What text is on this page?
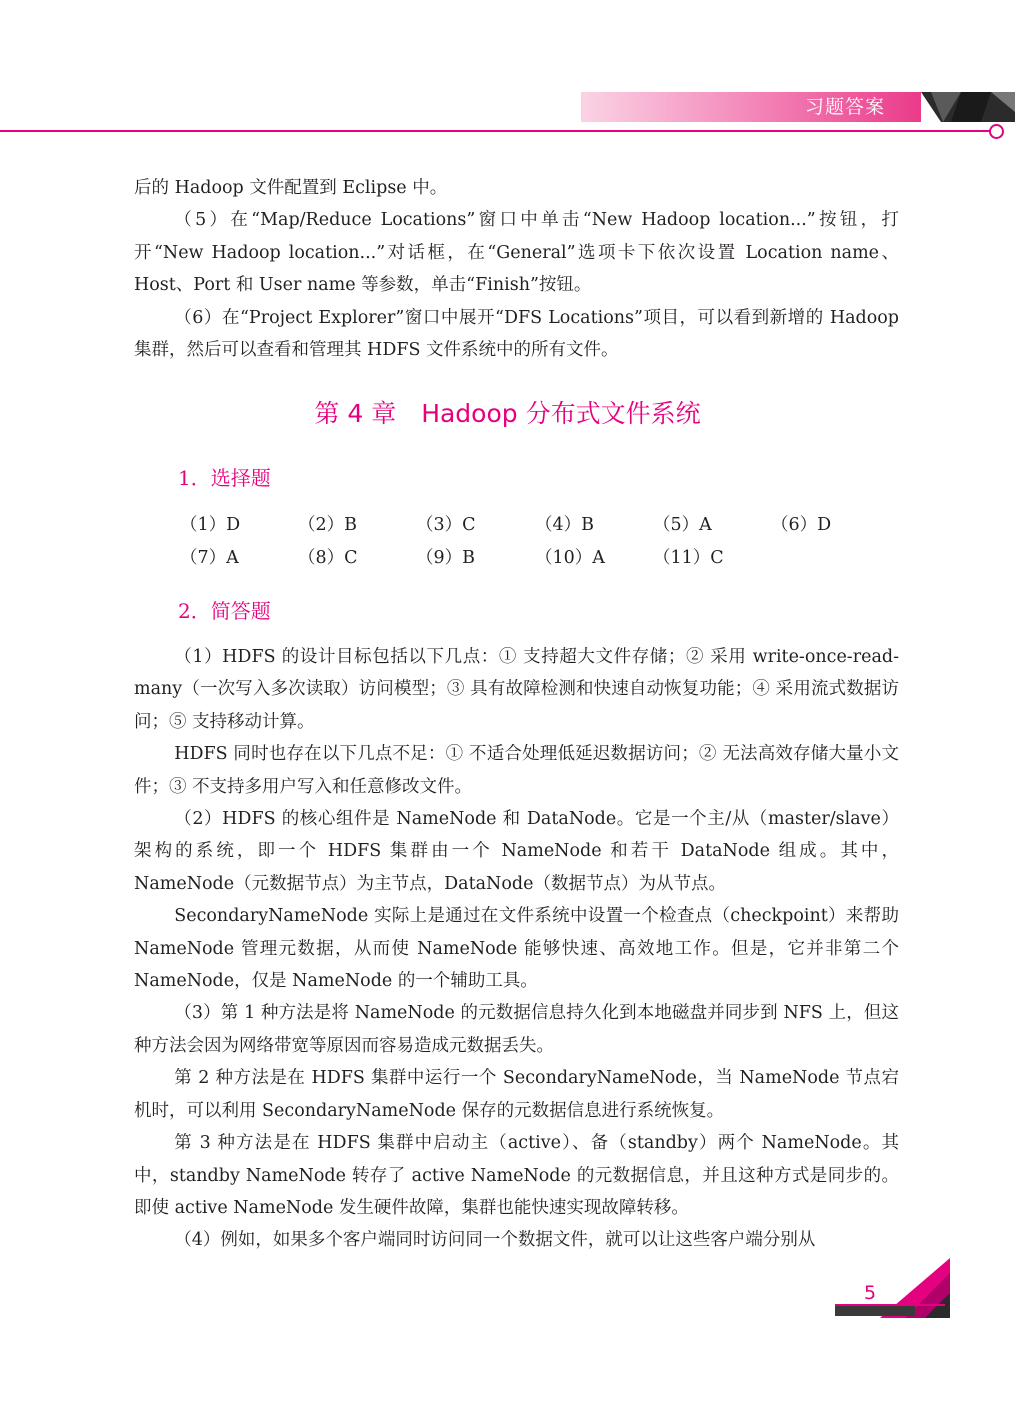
习题答案

后的 Hadoop 文件配置到 Eclipse 中。

（5）在“Map/Reduce Locations”窗口中单击“New Hadoop location...”按钮，打开“New Hadoop location...”对话框，在“General”选项卡下依次设置 Location name、Host、Port 和 User name 等参数，单击“Finish”按钮。

（6）在“Project Explorer”窗口中展开“DFS Locations”项目，可以看到新增的 Hadoop 集群，然后可以查看和管理其 HDFS 文件系统中的所有文件。

第 4 章　Hadoop 分布式文件系统
1．选择题
（1）D	（2）B	（3）C	（4）B	（5）A	（6）D
（7）A	（8）C	（9）B	（10）A	（11）C
2．简答题

（1）HDFS 的设计目标包括以下几点：① 支持超大文件存储；② 采用 write-once-read-many（一次写入多次读取）访问模型；③ 具有故障检测和快速自动恢复功能；④ 采用流式数据访问；⑤ 支持移动计算。

HDFS 同时也存在以下几点不足：① 不适合处理低延迟数据访问；② 无法高效存储大量小文件；③ 不支持多用户写入和任意修改文件。

（2）HDFS 的核心组件是 NameNode 和 DataNode。它是一个主/从（master/slave）架构的系统，即一个 HDFS 集群由一个 NameNode 和若干 DataNode 组成。其中，NameNode（元数据节点）为主节点，DataNode（数据节点）为从节点。

SecondaryNameNode 实际上是通过在文件系统中设置一个检查点（checkpoint）来帮助 NameNode 管理元数据，从而使 NameNode 能够快速、高效地工作。但是，它并非第二个 NameNode，仅是 NameNode 的一个辅助工具。

（3）第 1 种方法是将 NameNode 的元数据信息持久化到本地磁盘并同步到 NFS 上，但这种方法会因为网络带宽等原因而容易造成元数据丢失。

第 2 种方法是在 HDFS 集群中运行一个 SecondaryNameNode，当 NameNode 节点宕机时，可以利用 SecondaryNameNode 保存的元数据信息进行系统恢复。

第 3 种方法是在 HDFS 集群中启动主（active）、备（standby）两个 NameNode。其中，standby NameNode 转存了 active NameNode 的元数据信息，并且这种方式是同步的。即使 active NameNode 发生硬件故障，集群也能快速实现故障转移。

（4）例如，如果多个客户端同时访问同一个数据文件，就可以让这些客户端分别从

5
